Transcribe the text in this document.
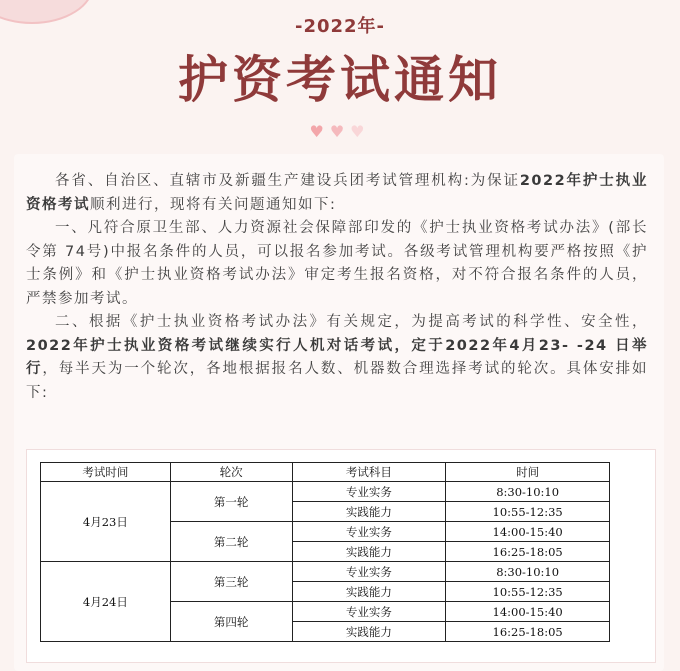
-2022年-
护资考试通知
♥♥♥

各省、自治区、直辖市及新疆生产建设兵团考试管理机构:为保证2022年护士执业资格考试顺利进行，现将有关问题通知如下:

一、凡符合原卫生部、人力资源社会保障部印发的《护士执业资格考试办法》(部长令第 74号)中报名条件的人员，可以报名参加考试。各级考试管理机构要严格按照《护士条例》和《护士执业资格考试办法》审定考生报名资格，对不符合报名条件的人员，严禁参加考试。

二、根据《护士执业资格考试办法》有关规定，为提高考试的科学性、安全性，2022年护士执业资格考试继续实行人机对话考试，定于2022年4月23- -24 日举行，每半天为一个轮次，各地根据报名人数、机器数合理选择考试的轮次。具体安排如下:

考试时间	轮次	考试科目	时间
4月23日	第一轮	专业实务	8:30-10:10
		实践能力	10:55-12:35
	第二轮	专业实务	14:00-15:40
		实践能力	16:25-18:05
4月24日	第三轮	专业实务	8:30-10:10
		实践能力	10:55-12:35
	第四轮	专业实务	14:00-15:40
		实践能力	16:25-18:05
